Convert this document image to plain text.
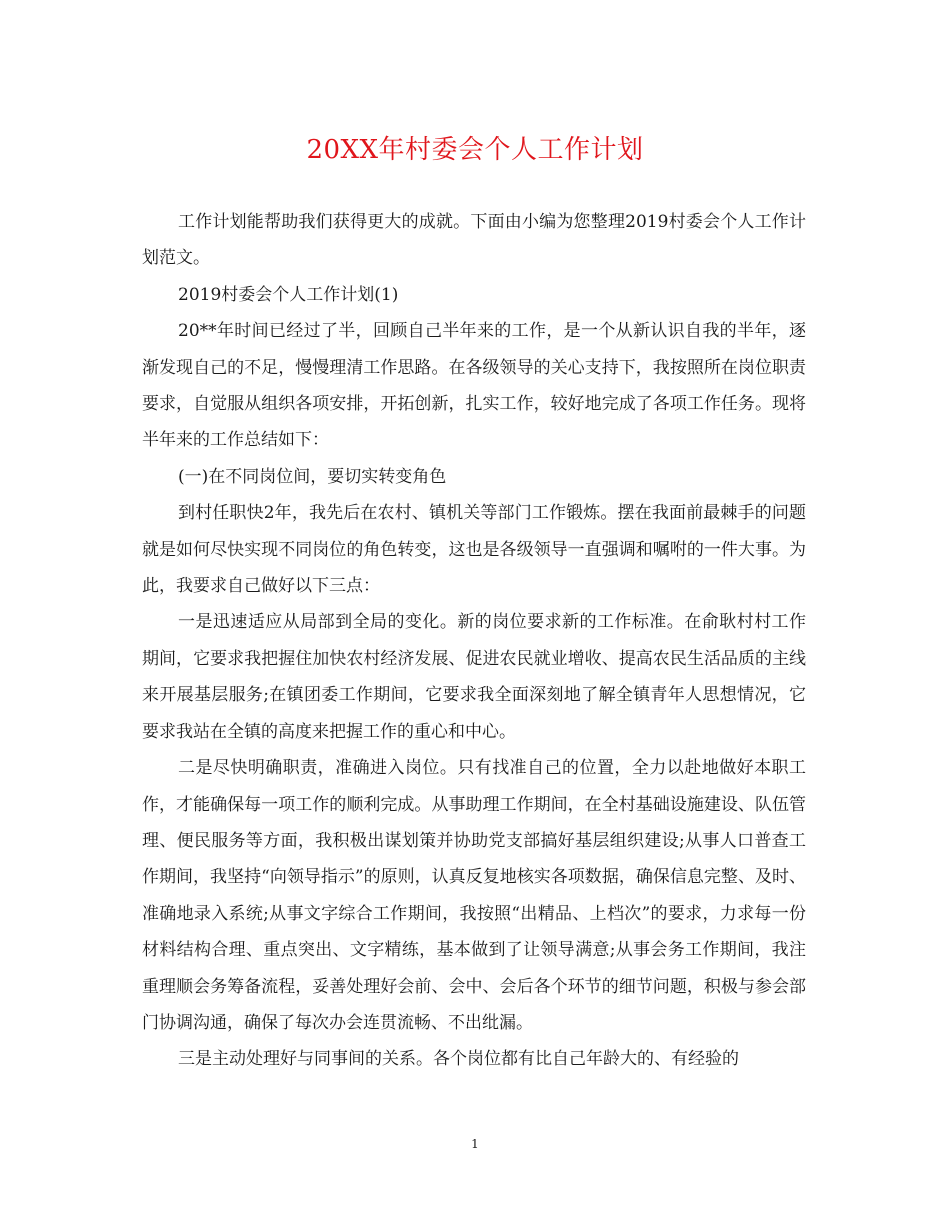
20XX年村委会个人工作计划

工作计划能帮助我们获得更大的成就。下面由小编为您整理2019村委会个人工作计划范文。

2019村委会个人工作计划(1)

20**年时间已经过了半，回顾自己半年来的工作，是一个从新认识自我的半年，逐渐发现自己的不足，慢慢理清工作思路。在各级领导的关心支持下，我按照所在岗位职责要求，自觉服从组织各项安排，开拓创新，扎实工作，较好地完成了各项工作任务。现将半年来的工作总结如下：

(一)在不同岗位间，要切实转变角色

到村任职快2年，我先后在农村、镇机关等部门工作锻炼。摆在我面前最棘手的问题就是如何尽快实现不同岗位的角色转变，这也是各级领导一直强调和嘱咐的一件大事。为此，我要求自己做好以下三点：

一是迅速适应从局部到全局的变化。新的岗位要求新的工作标准。在俞耿村村工作期间，它要求我把握住加快农村经济发展、促进农民就业增收、提高农民生活品质的主线来开展基层服务;在镇团委工作期间，它要求我全面深刻地了解全镇青年人思想情况，它要求我站在全镇的高度来把握工作的重心和中心。

二是尽快明确职责，准确进入岗位。只有找准自己的位置，全力以赴地做好本职工作，才能确保每一项工作的顺利完成。从事助理工作期间，在全村基础设施建设、队伍管理、便民服务等方面，我积极出谋划策并协助党支部搞好基层组织建设;从事人口普查工作期间，我坚持“向领导指示”的原则，认真反复地核实各项数据，确保信息完整、及时、准确地录入系统;从事文字综合工作期间，我按照“出精品、上档次”的要求，力求每一份材料结构合理、重点突出、文字精练，基本做到了让领导满意;从事会务工作期间，我注重理顺会务筹备流程，妥善处理好会前、会中、会后各个环节的细节问题，积极与参会部门协调沟通，确保了每次办会连贯流畅、不出纰漏。

三是主动处理好与同事间的关系。各个岗位都有比自己年龄大的、有经验的

1
